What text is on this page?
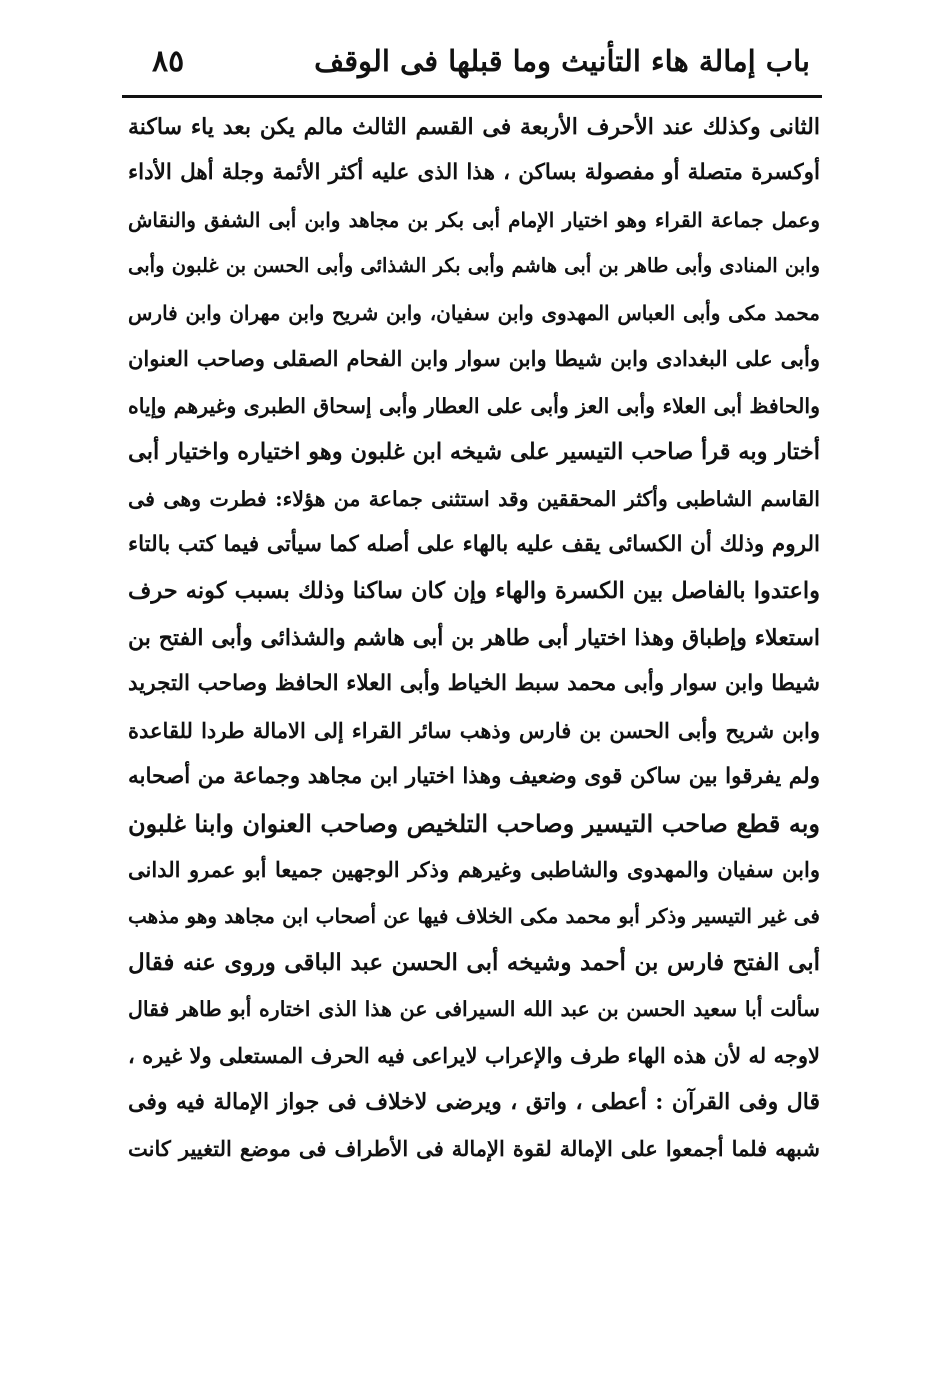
٨٥	باب إمالة هاء التأنيث وما قبلها فى الوقف
الثانى وكذلك عند الأحرف الأربعة فى القسم الثالث مالم يكن بعد ياء ساكنة
أوكسرة متصلة أو مفصولة بساكن ، هذا الذى عليه أكثر الأئمة وجلة أهل الأداء
وعمل جماعة القراء وهو اختيار الإمام أبى بكر بن مجاهد وابن أبى الشفق والنقاش
وابن المنادى وأبى طاهر بن أبى هاشم وأبى بكر الشذائى وأبى الحسن بن غلبون وأبى
محمد مكى وأبى العباس المهدوى وابن سفيان، وابن شريح وابن مهران وابن فارس
وأبى على البغدادى وابن شيطا وابن سوار وابن الفحام الصقلى وصاحب العنوان
والحافظ أبى العلاء وأبى العز وأبى على العطار وأبى إسحاق الطبرى وغيرهم وإياه
أختار وبه قرأ صاحب التيسير على شيخه ابن غلبون وهو اختياره واختيار أبى
القاسم الشاطبى وأكثر المحققين وقد استثنى جماعة من هؤلاء: فطرت وهى فى
الروم وذلك أن الكسائى يقف عليه بالهاء على أصله كما سيأتى فيما كتب بالتاء
واعتدوا بالفاصل بين الكسرة والهاء وإن كان ساكنا وذلك بسبب كونه حرف
استعلاء وإطباق وهذا اختيار أبى طاهر بن أبى هاشم والشذائى وأبى الفتح بن
شيطا وابن سوار وأبى محمد سبط الخياط وأبى العلاء الحافظ وصاحب التجريد
وابن شريح وأبى الحسن بن فارس وذهب سائر القراء إلى الامالة طردا للقاعدة
ولم يفرقوا بين ساكن قوى وضعيف وهذا اختيار ابن مجاهد وجماعة من أصحابه
وبه قطع صاحب التيسير وصاحب التلخيص وصاحب العنوان وابنا غلبون
وابن سفيان والمهدوى والشاطبى وغيرهم وذكر الوجهين جميعا أبو عمرو الدانى
فى غير التيسير وذكر أبو محمد مكى الخلاف فيها عن أصحاب ابن مجاهد وهو مذهب
أبى الفتح فارس بن أحمد وشيخه أبى الحسن عبد الباقى وروى عنه فقال
سألت أبا سعيد الحسن بن عبد الله السيرافى عن هذا الذى اختاره أبو طاهر فقال
لاوجه له لأن هذه الهاء طرف والإعراب لايراعى فيه الحرف المستعلى ولا غيره ،
قال وفى القرآن : أعطى ، واتق ، ويرضى لاخلاف فى جواز الإمالة فيه وفى
شبهه فلما أجمعوا على الإمالة لقوة الإمالة فى الأطراف فى موضع التغيير كانت
